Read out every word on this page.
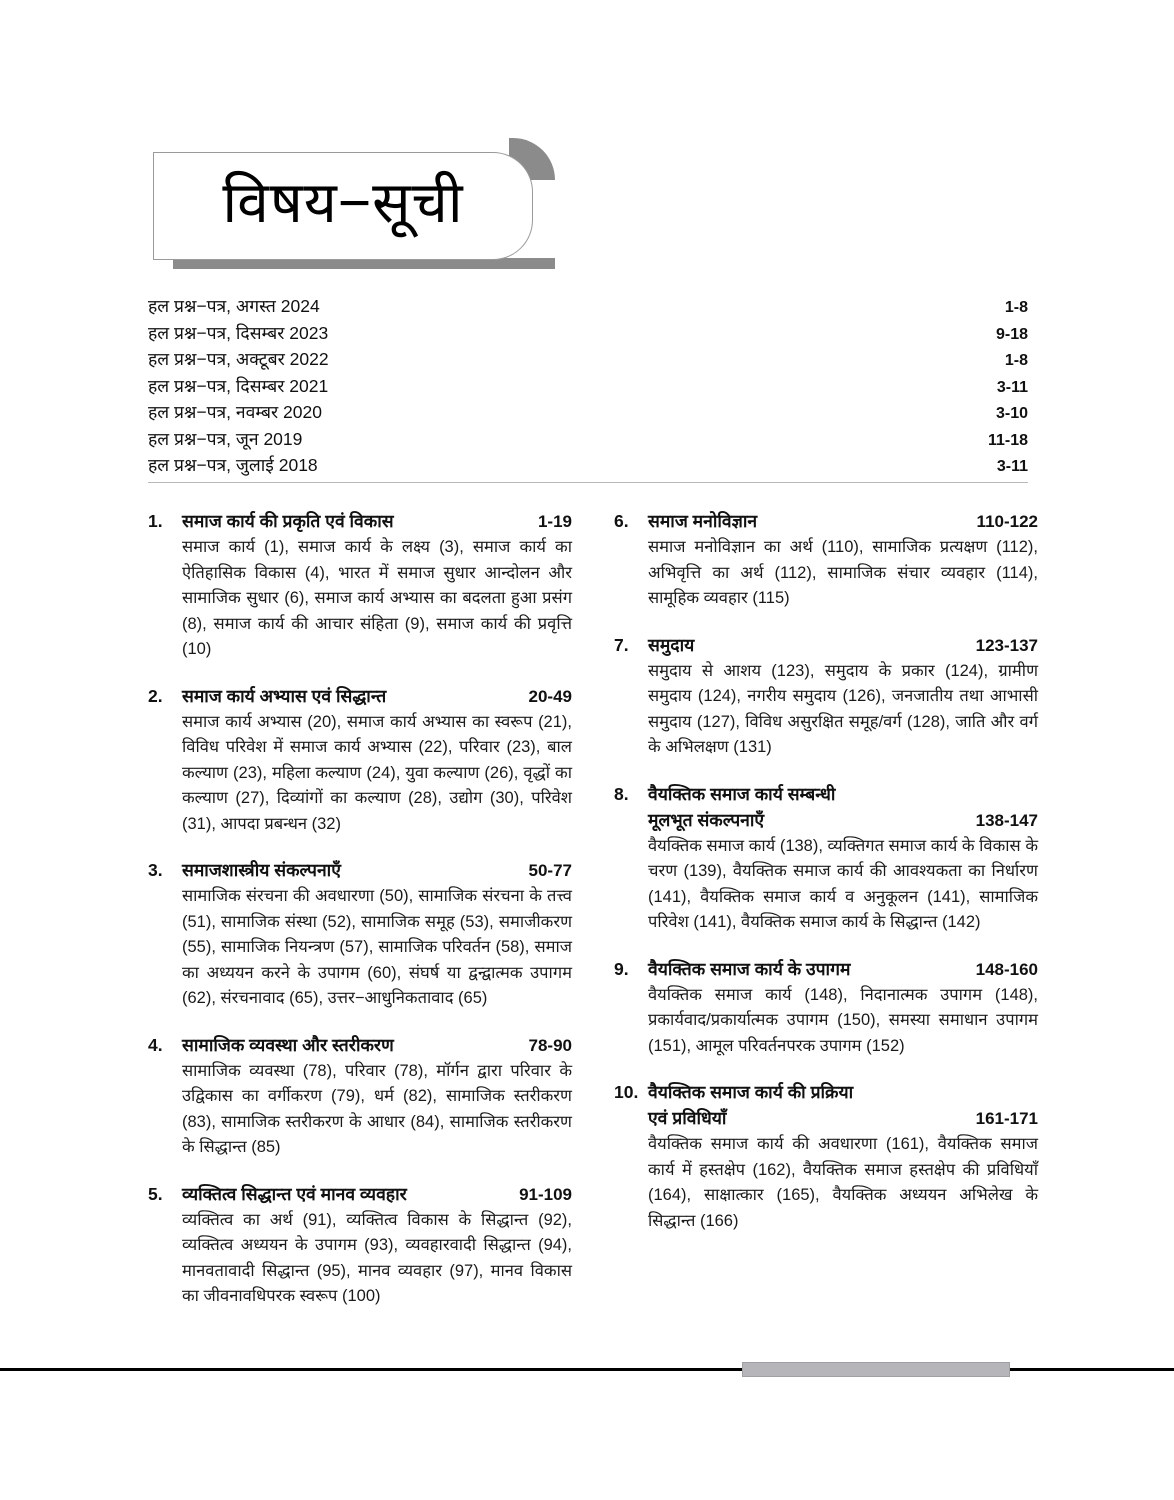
विषय−सूची
हल प्रश्न−पत्र, अगस्त 2024	1-8
हल प्रश्न−पत्र, दिसम्बर 2023	9-18
हल प्रश्न−पत्र, अक्टूबर 2022	1-8
हल प्रश्न−पत्र, दिसम्बर 2021	3-11
हल प्रश्न−पत्र, नवम्बर 2020	3-10
हल प्रश्न−पत्र, जून 2019	11-18
हल प्रश्न−पत्र, जुलाई 2018	3-11
1.	समाज कार्य की प्रकृति एवं विकास	1-19
समाज कार्य (1), समाज कार्य के लक्ष्य (3), समाज कार्य का ऐतिहासिक विकास (4), भारत में समाज सुधार आन्दोलन और सामाजिक सुधार (6), समाज कार्य अभ्यास का बदलता हुआ प्रसंग (8), समाज कार्य की आचार संहिता (9), समाज कार्य की प्रवृत्ति (10)
2.	समाज कार्य अभ्यास एवं सिद्धान्त	20-49
समाज कार्य अभ्यास (20), समाज कार्य अभ्यास का स्वरूप (21), विविध परिवेश में समाज कार्य अभ्यास (22), परिवार (23), बाल कल्याण (23), महिला कल्याण (24), युवा कल्याण (26), वृद्धों का कल्याण (27), दिव्यांगों का कल्याण (28), उद्योग (30), परिवेश (31), आपदा प्रबन्धन (32)
3.	समाजशास्त्रीय संकल्पनाएँ	50-77
सामाजिक संरचना की अवधारणा (50), सामाजिक संरचना के तत्त्व (51), सामाजिक संस्था (52), सामाजिक समूह (53), समाजीकरण (55), सामाजिक नियन्त्रण (57), सामाजिक परिवर्तन (58), समाज का अध्ययन करने के उपागम (60), संघर्ष या द्वन्द्वात्मक उपागम (62), संरचनावाद (65), उत्तर−आधुनिकतावाद (65)
4.	सामाजिक व्यवस्था और स्तरीकरण	78-90
सामाजिक व्यवस्था (78), परिवार (78), मॉर्गन द्वारा परिवार के उद्विकास का वर्गीकरण (79), धर्म (82), सामाजिक स्तरीकरण (83), सामाजिक स्तरीकरण के आधार (84), सामाजिक स्तरीकरण के सिद्धान्त (85)
5.	व्यक्तित्व सिद्धान्त एवं मानव व्यवहार	91-109
व्यक्तित्व का अर्थ (91), व्यक्तित्व विकास के सिद्धान्त (92), व्यक्तित्व अध्ययन के उपागम (93), व्यवहारवादी सिद्धान्त (94), मानवतावादी सिद्धान्त (95), मानव व्यवहार (97), मानव विकास का जीवनावधिपरक स्वरूप (100)
6.	समाज मनोविज्ञान	110-122
समाज मनोविज्ञान का अर्थ (110), सामाजिक प्रत्यक्षण (112), अभिवृत्ति का अर्थ (112), सामाजिक संचार व्यवहार (114), सामूहिक व्यवहार (115)
7.	समुदाय	123-137
समुदाय से आशय (123), समुदाय के प्रकार (124), ग्रामीण समुदाय (124), नगरीय समुदाय (126), जनजातीय तथा आभासी समुदाय (127), विविध असुरक्षित समूह/वर्ग (128), जाति और वर्ग के अभिलक्षण (131)
8.	वैयक्तिक समाज कार्य सम्बन्धी
मूलभूत संकल्पनाएँ	138-147
वैयक्तिक समाज कार्य (138), व्यक्तिगत समाज कार्य के विकास के चरण (139), वैयक्तिक समाज कार्य की आवश्यकता का निर्धारण (141), वैयक्तिक समाज कार्य व अनुकूलन (141), सामाजिक परिवेश (141), वैयक्तिक समाज कार्य के सिद्धान्त (142)
9.	वैयक्तिक समाज कार्य के उपागम	148-160
वैयक्तिक समाज कार्य (148), निदानात्मक उपागम (148), प्रकार्यवाद/प्रकार्यात्मक उपागम (150), समस्या समाधान उपागम (151), आमूल परिवर्तनपरक उपागम (152)
10. वैयक्तिक समाज कार्य की प्रक्रिया
एवं प्रविधियाँ	161-171
वैयक्तिक समाज कार्य की अवधारणा (161), वैयक्तिक समाज कार्य में हस्तक्षेप (162), वैयक्तिक समाज हस्तक्षेप की प्रविधियाँ (164), साक्षात्कार (165), वैयक्तिक अध्ययन अभिलेख के सिद्धान्त (166)
